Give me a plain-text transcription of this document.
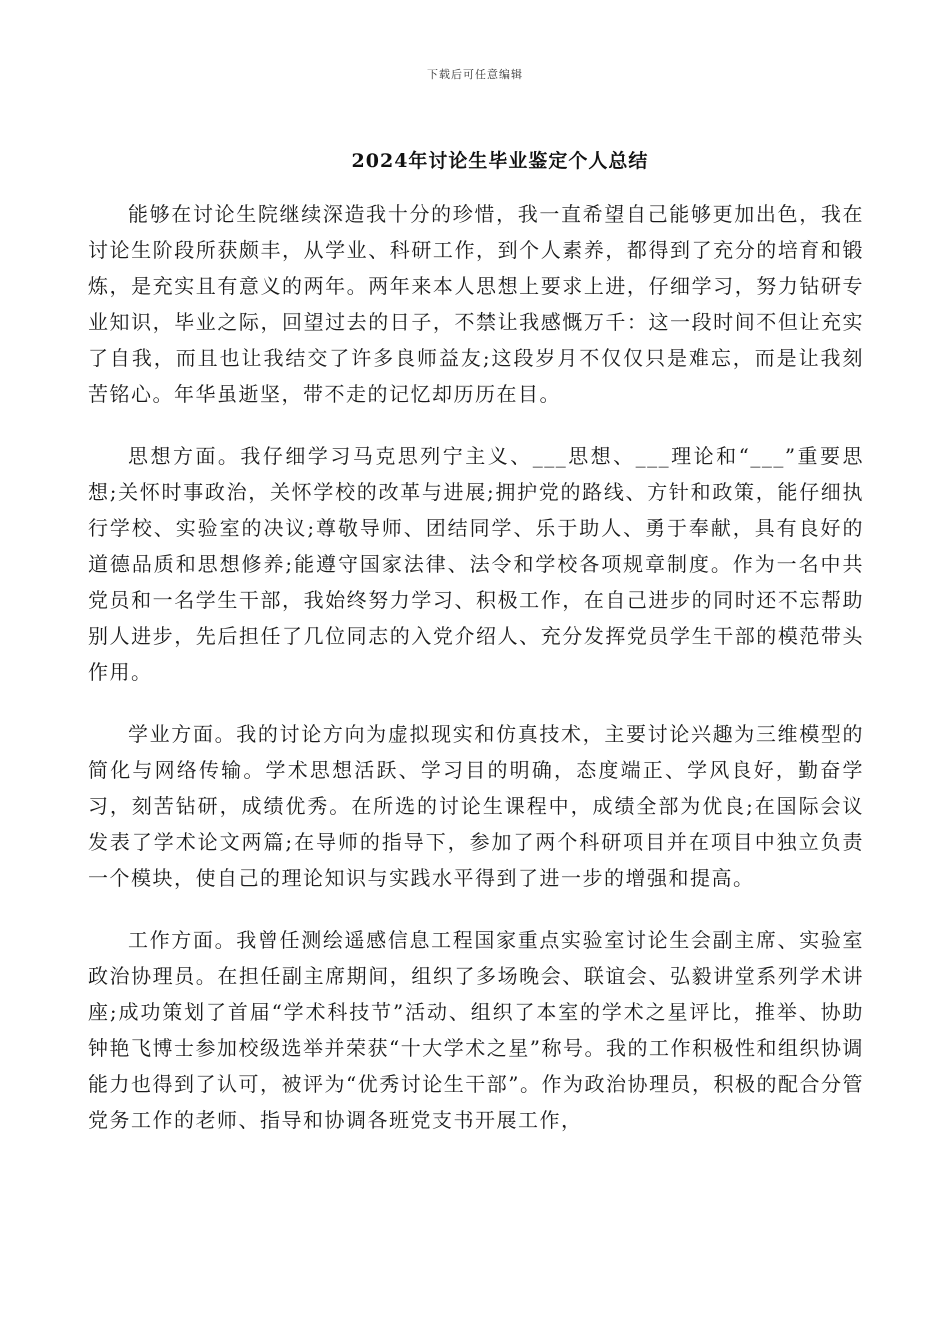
下载后可任意编辑
2024年讨论生毕业鉴定个人总结

能够在讨论生院继续深造我十分的珍惜，我一直希望自己能够更加出色，我在讨论生阶段所获颇丰，从学业、科研工作，到个人素养，都得到了充分的培育和锻炼，是充实且有意义的两年。两年来本人思想上要求上进，仔细学习，努力钻研专业知识，毕业之际，回望过去的日子，不禁让我感慨万千：这一段时间不但让充实了自我，而且也让我结交了许多良师益友;这段岁月不仅仅只是难忘，而是让我刻苦铭心。年华虽逝坚，带不走的记忆却历历在目。

思想方面。我仔细学习马克思列宁主义、___思想、___理论和“___”重要思想;关怀时事政治，关怀学校的改革与进展;拥护党的路线、方针和政策，能仔细执行学校、实验室的决议;尊敬导师、团结同学、乐于助人、勇于奉献，具有良好的道德品质和思想修养;能遵守国家法律、法令和学校各项规章制度。作为一名中共党员和一名学生干部，我始终努力学习、积极工作，在自己进步的同时还不忘帮助别人进步，先后担任了几位同志的入党介绍人、充分发挥党员学生干部的模范带头作用。

学业方面。我的讨论方向为虚拟现实和仿真技术，主要讨论兴趣为三维模型的简化与网络传输。学术思想活跃、学习目的明确，态度端正、学风良好，勤奋学习，刻苦钻研，成绩优秀。在所选的讨论生课程中，成绩全部为优良;在国际会议发表了学术论文两篇;在导师的指导下，参加了两个科研项目并在项目中独立负责一个模块，使自己的理论知识与实践水平得到了进一步的增强和提高。

工作方面。我曾任测绘遥感信息工程国家重点实验室讨论生会副主席、实验室政治协理员。在担任副主席期间，组织了多场晚会、联谊会、弘毅讲堂系列学术讲座;成功策划了首届“学术科技节”活动、组织了本室的学术之星评比，推举、协助钟艳飞博士参加校级选举并荣获“十大学术之星”称号。我的工作积极性和组织协调能力也得到了认可，被评为“优秀讨论生干部”。作为政治协理员，积极的配合分管党务工作的老师、指导和协调各班党支书开展工作，
